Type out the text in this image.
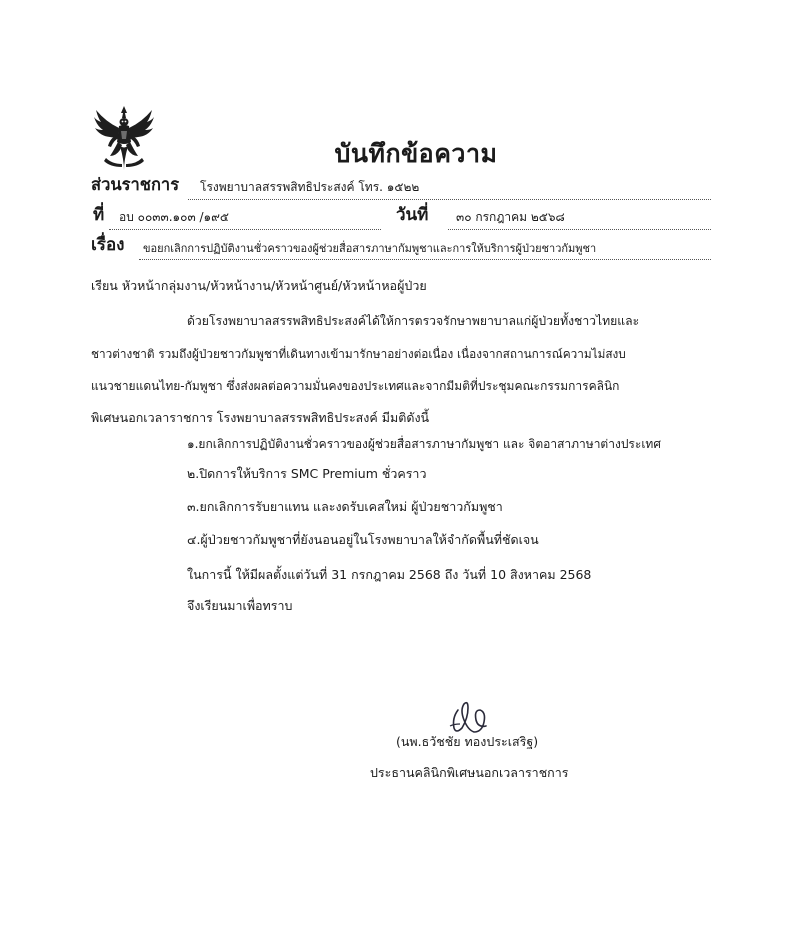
บันทึกข้อความ
ส่วนราชการ โรงพยาบาลสรรพสิทธิประสงค์ โทร. ๑๕๒๒
ที่ อบ ๐๐๓๓.๑๐๓ /๑๙๕	วันที่ ๓๐ กรกฎาคม ๒๕๖๘
เรื่อง ขอยกเลิกการปฏิบัติงานชั่วคราวของผู้ช่วยสื่อสารภาษากัมพูชาและการให้บริการผู้ป่วยชาวกัมพูชา
เรียน หัวหน้ากลุ่มงาน/หัวหน้างาน/หัวหน้าศูนย์/หัวหน้าหอผู้ป่วย
ด้วยโรงพยาบาลสรรพสิทธิประสงค์ได้ให้การตรวจรักษาพยาบาลแก่ผู้ป่วยทั้งชาวไทยและ
ชาวต่างชาติ รวมถึงผู้ป่วยชาวกัมพูชาที่เดินทางเข้ามารักษาอย่างต่อเนื่อง เนื่องจากสถานการณ์ความไม่สงบ
แนวชายแดนไทย-กัมพูชา ซึ่งส่งผลต่อความมั่นคงของประเทศและจากมีมติที่ประชุมคณะกรรมการคลินิก
พิเศษนอกเวลาราชการ โรงพยาบาลสรรพสิทธิประสงค์ มีมติดังนี้
๑.ยกเลิกการปฏิบัติงานชั่วคราวของผู้ช่วยสื่อสารภาษากัมพูชา และ จิตอาสาภาษาต่างประเทศ
๒.ปิดการให้บริการ SMC Premium ชั่วคราว
๓.ยกเลิกการรับยาแทน และงดรับเคสใหม่ ผู้ป่วยชาวกัมพูชา
๔.ผู้ป่วยชาวกัมพูชาที่ยังนอนอยู่ในโรงพยาบาลให้จำกัดพื้นที่ชัดเจน
ในการนี้ ให้มีผลตั้งแต่วันที่ 31 กรกฎาคม 2568 ถึง วันที่ 10 สิงหาคม 2568
จึงเรียนมาเพื่อทราบ
(นพ.ธวัชชัย ทองประเสริฐ)
ประธานคลินิกพิเศษนอกเวลาราชการ
